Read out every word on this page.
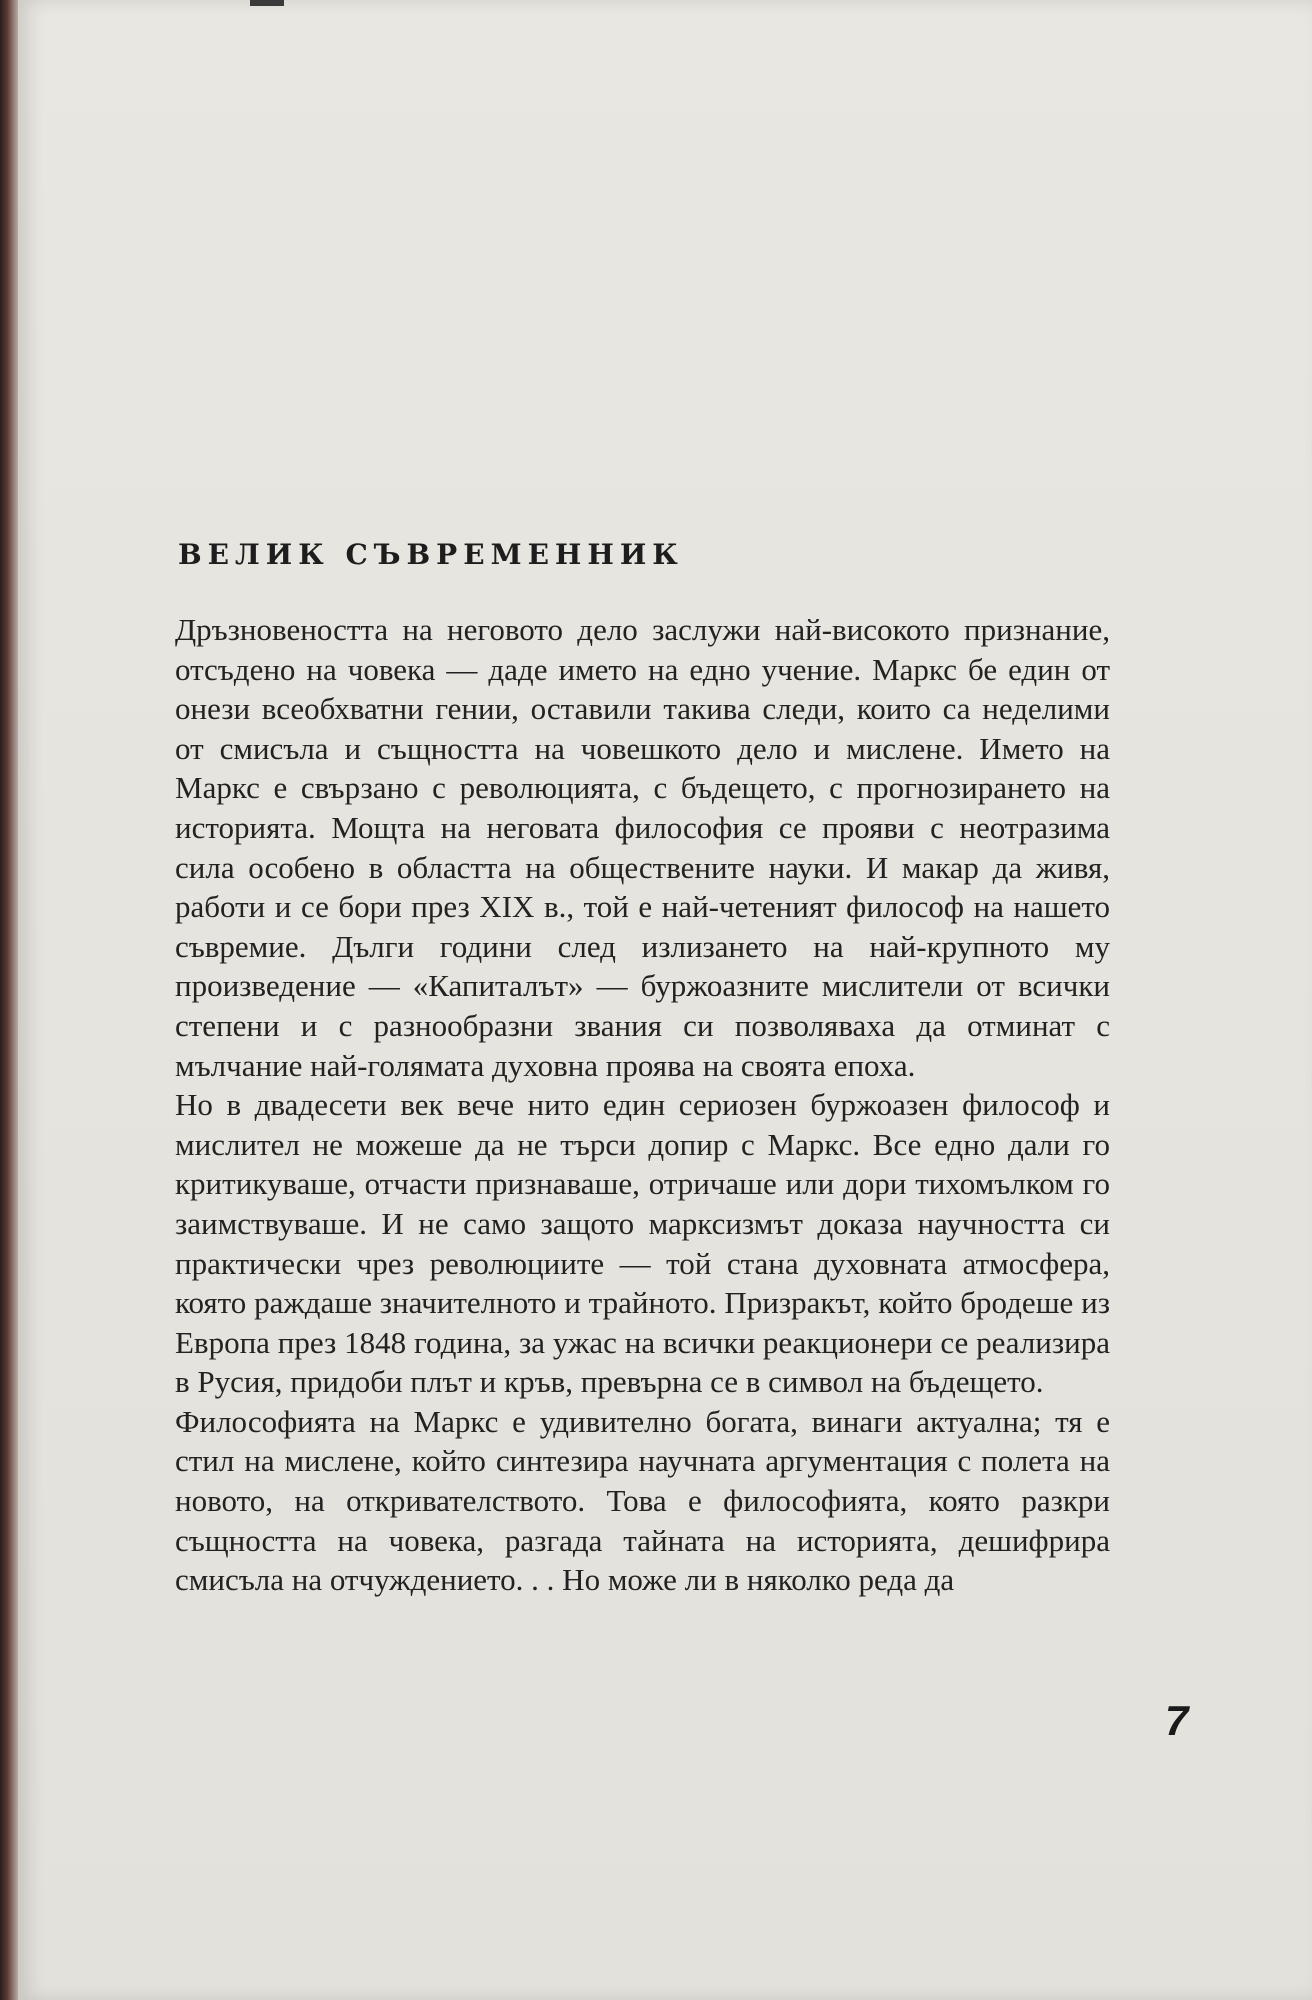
ВЕЛИК СЪВРЕМЕННИК

Дръзновеността на неговото дело заслужи най-високото признание, отсъдено на човека — даде името на едно учение. Маркс бе един от онези всеобхватни гении, оставили такива следи, които са неделими от смисъла и същността на човешкото дело и мислене. Името на Маркс е свързано с революцията, с бъдещето, с прогнозирането на историята. Мощта на неговата философия се прояви с неотразима сила особено в областта на обществените науки. И макар да живя, работи и се бори през XIX в., той е най-четеният философ на нашето съвремие. Дълги години след излизането на най-крупното му произведение — «Капиталът» — буржоазните мислители от всички степени и с разнообразни звания си позволяваха да отминат с мълчание най-голямата духовна проява на своята епоха.

Но в двадесети век вече нито един сериозен буржоазен философ и мислител не можеше да не търси допир с Маркс. Все едно дали го критикуваше, отчасти признаваше, отричаше или дори тихомълком го заимствуваше. И не само защото марксизмът доказа научността си практически чрез революциите — той стана духовната атмосфера, която раждаше значителното и трайното. Призракът, който бродеше из Европа през 1848 година, за ужас на всички реакционери се реализира в Русия, придоби плът и кръв, превърна се в символ на бъдещето.

Философията на Маркс е удивително богата, винаги актуална; тя е стил на мислене, който синтезира научната аргументация с полета на новото, на откривателството. Това е философията, която разкри същността на човека, разгада тайната на историята, дешифрира смисъла на отчуждението. . . Но може ли в няколко реда да

7
